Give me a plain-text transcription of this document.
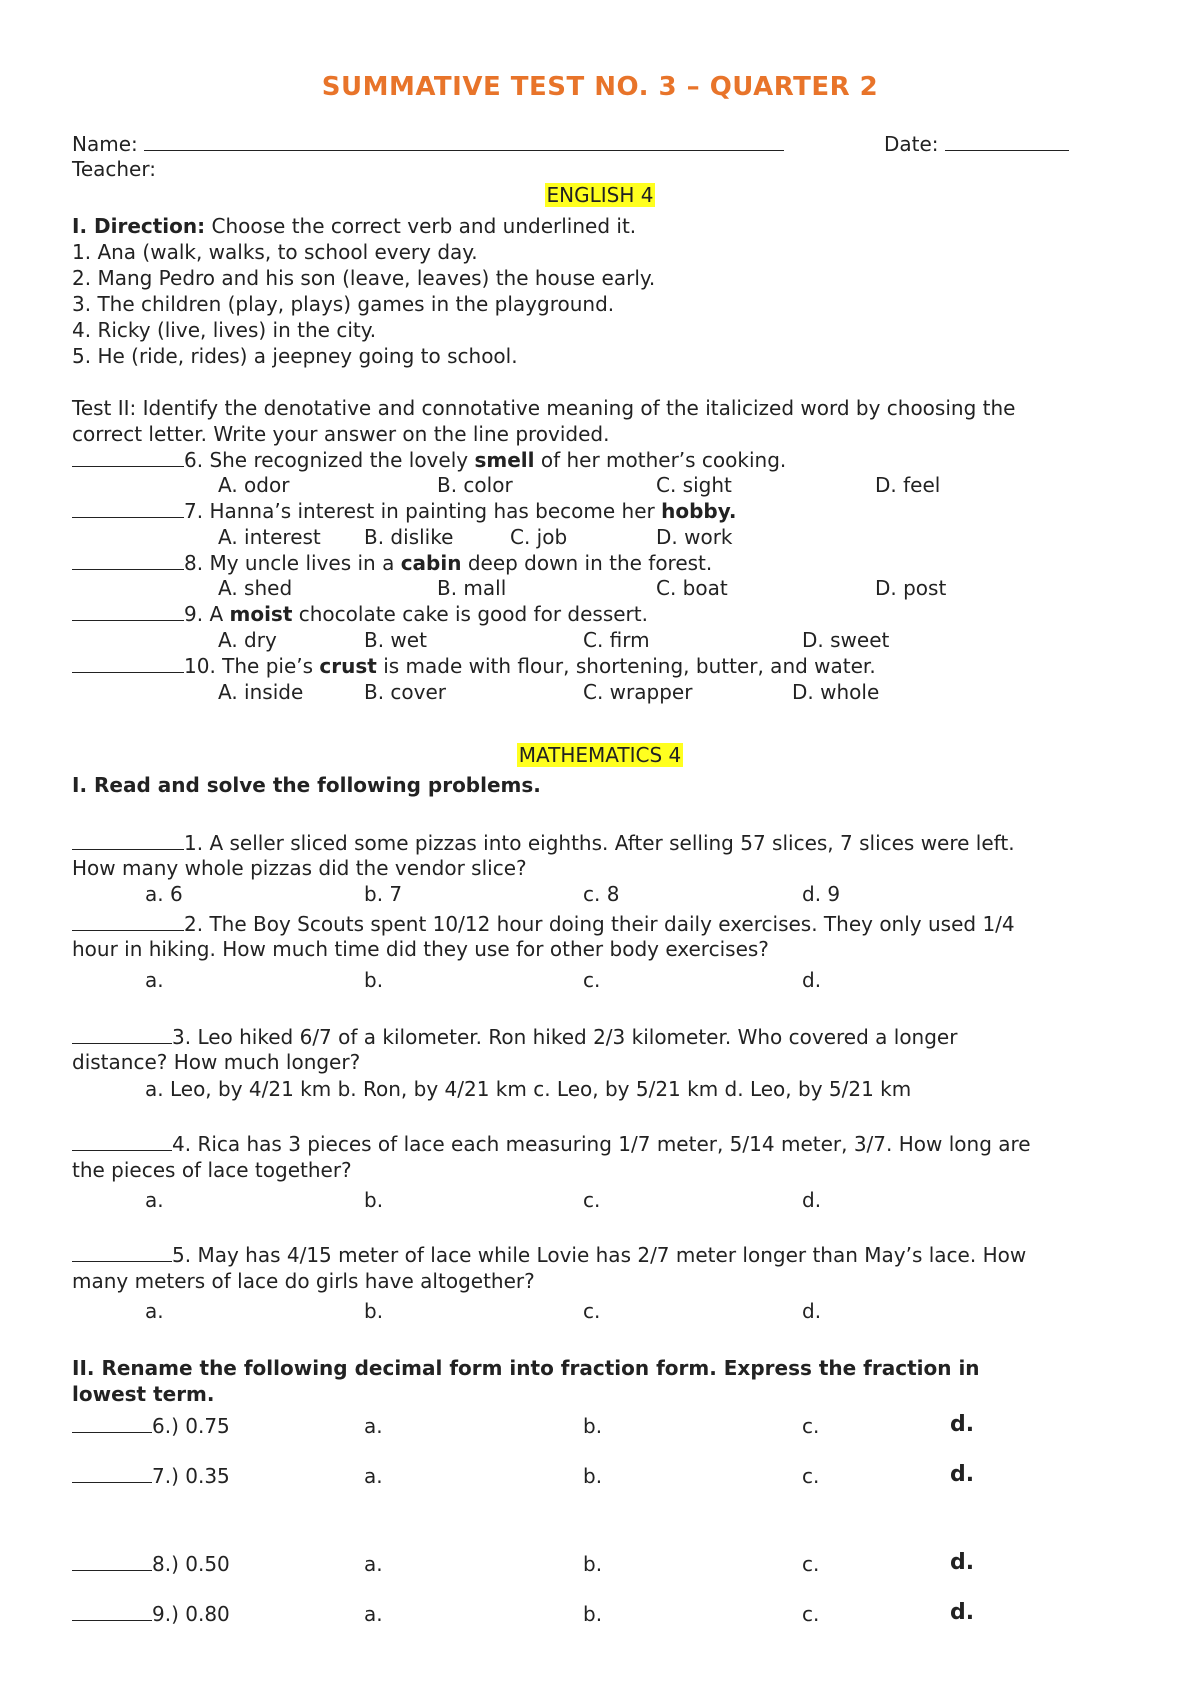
SUMMATIVE TEST NO. 3 – QUARTER 2
Name:	Date:
Teacher:
ENGLISH 4
I. Direction: Choose the correct verb and underlined it.
1. Ana (walk, walks, to school every day.
2. Mang Pedro and his son (leave, leaves) the house early.
3. The children (play, plays) games in the playground.
4. Ricky (live, lives) in the city.
5. He (ride, rides) a jeepney going to school.
Test II: Identify the denotative and connotative meaning of the italicized word by choosing the
correct letter. Write your answer on the line provided.
6. She recognized the lovely smell of her mother’s cooking.
A. odor	B. color	C. sight	D. feel
7. Hanna’s interest in painting has become her hobby.
A. interest B. dislike	C. job	D. work
8. My uncle lives in a cabin deep down in the forest.
A. shed	B. mall	C. boat	D. post
9. A moist chocolate cake is good for dessert.
A. dry	B. wet	C. firm	D. sweet
10. The pie’s crust is made with flour, shortening, butter, and water.
A. inside	B. cover	C. wrapper	D. whole
MATHEMATICS 4
I. Read and solve the following problems.
1. A seller sliced some pizzas into eighths. After selling 57 slices, 7 slices were left.
How many whole pizzas did the vendor slice?
a. 6	b. 7	c. 8	d. 9
2. The Boy Scouts spent 10/12 hour doing their daily exercises. They only used 1/4
hour in hiking. How much time did they use for other body exercises?
a.	b.	c.	d.
3. Leo hiked 6/7 of a kilometer. Ron hiked 2/3 kilometer. Who covered a longer
distance? How much longer?
a. Leo, by 4/21 km b. Ron, by 4/21 km c. Leo, by 5/21 km d. Leo, by 5/21 km
4. Rica has 3 pieces of lace each measuring 1/7 meter, 5/14 meter, 3/7. How long are
the pieces of lace together?
a.	b.	c.	d.
5. May has 4/15 meter of lace while Lovie has 2/7 meter longer than May’s lace. How
many meters of lace do girls have altogether?
a.	b.	c.	d.
II. Rename the following decimal form into fraction form. Express the fraction in
lowest term.
6.) 0.75	a.	b.	c.	d.
7.) 0.35	a.	b.	c.	d.
8.) 0.50	a.	b.	c.	d.
9.) 0.80	a.	b.	c.	d.
